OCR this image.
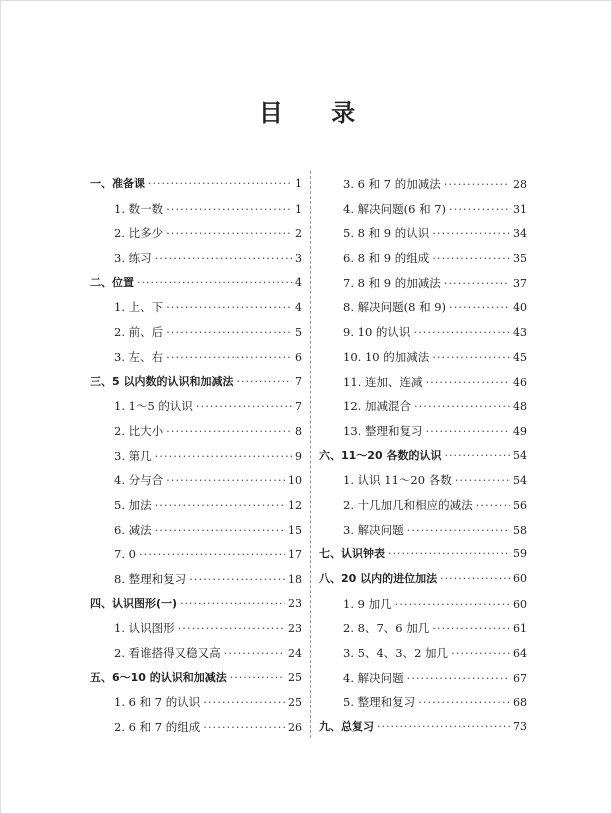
目 录
一、准备课 ·····	1
1. 数一数 ·····	1
2. 比多少 ·····	2
3. 练习 ·····	3
二、位置 ·····	4
1. 上、下 ·····	4
2. 前、后 ·····	5
3. 左、右 ·····	6
三、5 以内数的认识和加减法 ·····	7
1. 1～5 的认识 ·····	7
2. 比大小 ·····	8
3. 第几 ·····	9
4. 分与合 ·····	10
5. 加法 ·····	12
6. 减法 ·····	15
7. 0 ·····	17
8. 整理和复习 ·····	18
四、认识图形(一) ·····	23
1. 认识图形 ·····	23
2. 看谁搭得又稳又高 ·····	24
五、6～10 的认识和加减法 ·····	25
1. 6 和 7 的认识 ·····	25
2. 6 和 7 的组成 ·····	26
3. 6 和 7 的加减法 ·····	28
4. 解决问题(6 和 7) ·····	31
5. 8 和 9 的认识 ·····	34
6. 8 和 9 的组成 ·····	35
7. 8 和 9 的加减法 ·····	37
8. 解决问题(8 和 9) ·····	40
9. 10 的认识 ·····	43
10. 10 的加减法 ·····	45
11. 连加、连减 ·····	46
12. 加减混合 ·····	48
13. 整理和复习 ·····	49
六、11～20 各数的认识 ·····	54
1. 认识 11～20 各数 ·····	54
2. 十几加几和相应的减法 ·····	56
3. 解决问题 ·····	58
七、认识钟表 ·····	59
八、20 以内的进位加法 ·····	60
1. 9 加几 ·····	60
2. 8、7、6 加几 ·····	61
3. 5、4、3、2 加几 ·····	64
4. 解决问题 ·····	67
5. 整理和复习 ·····	68
九、总复习 ·····	73
